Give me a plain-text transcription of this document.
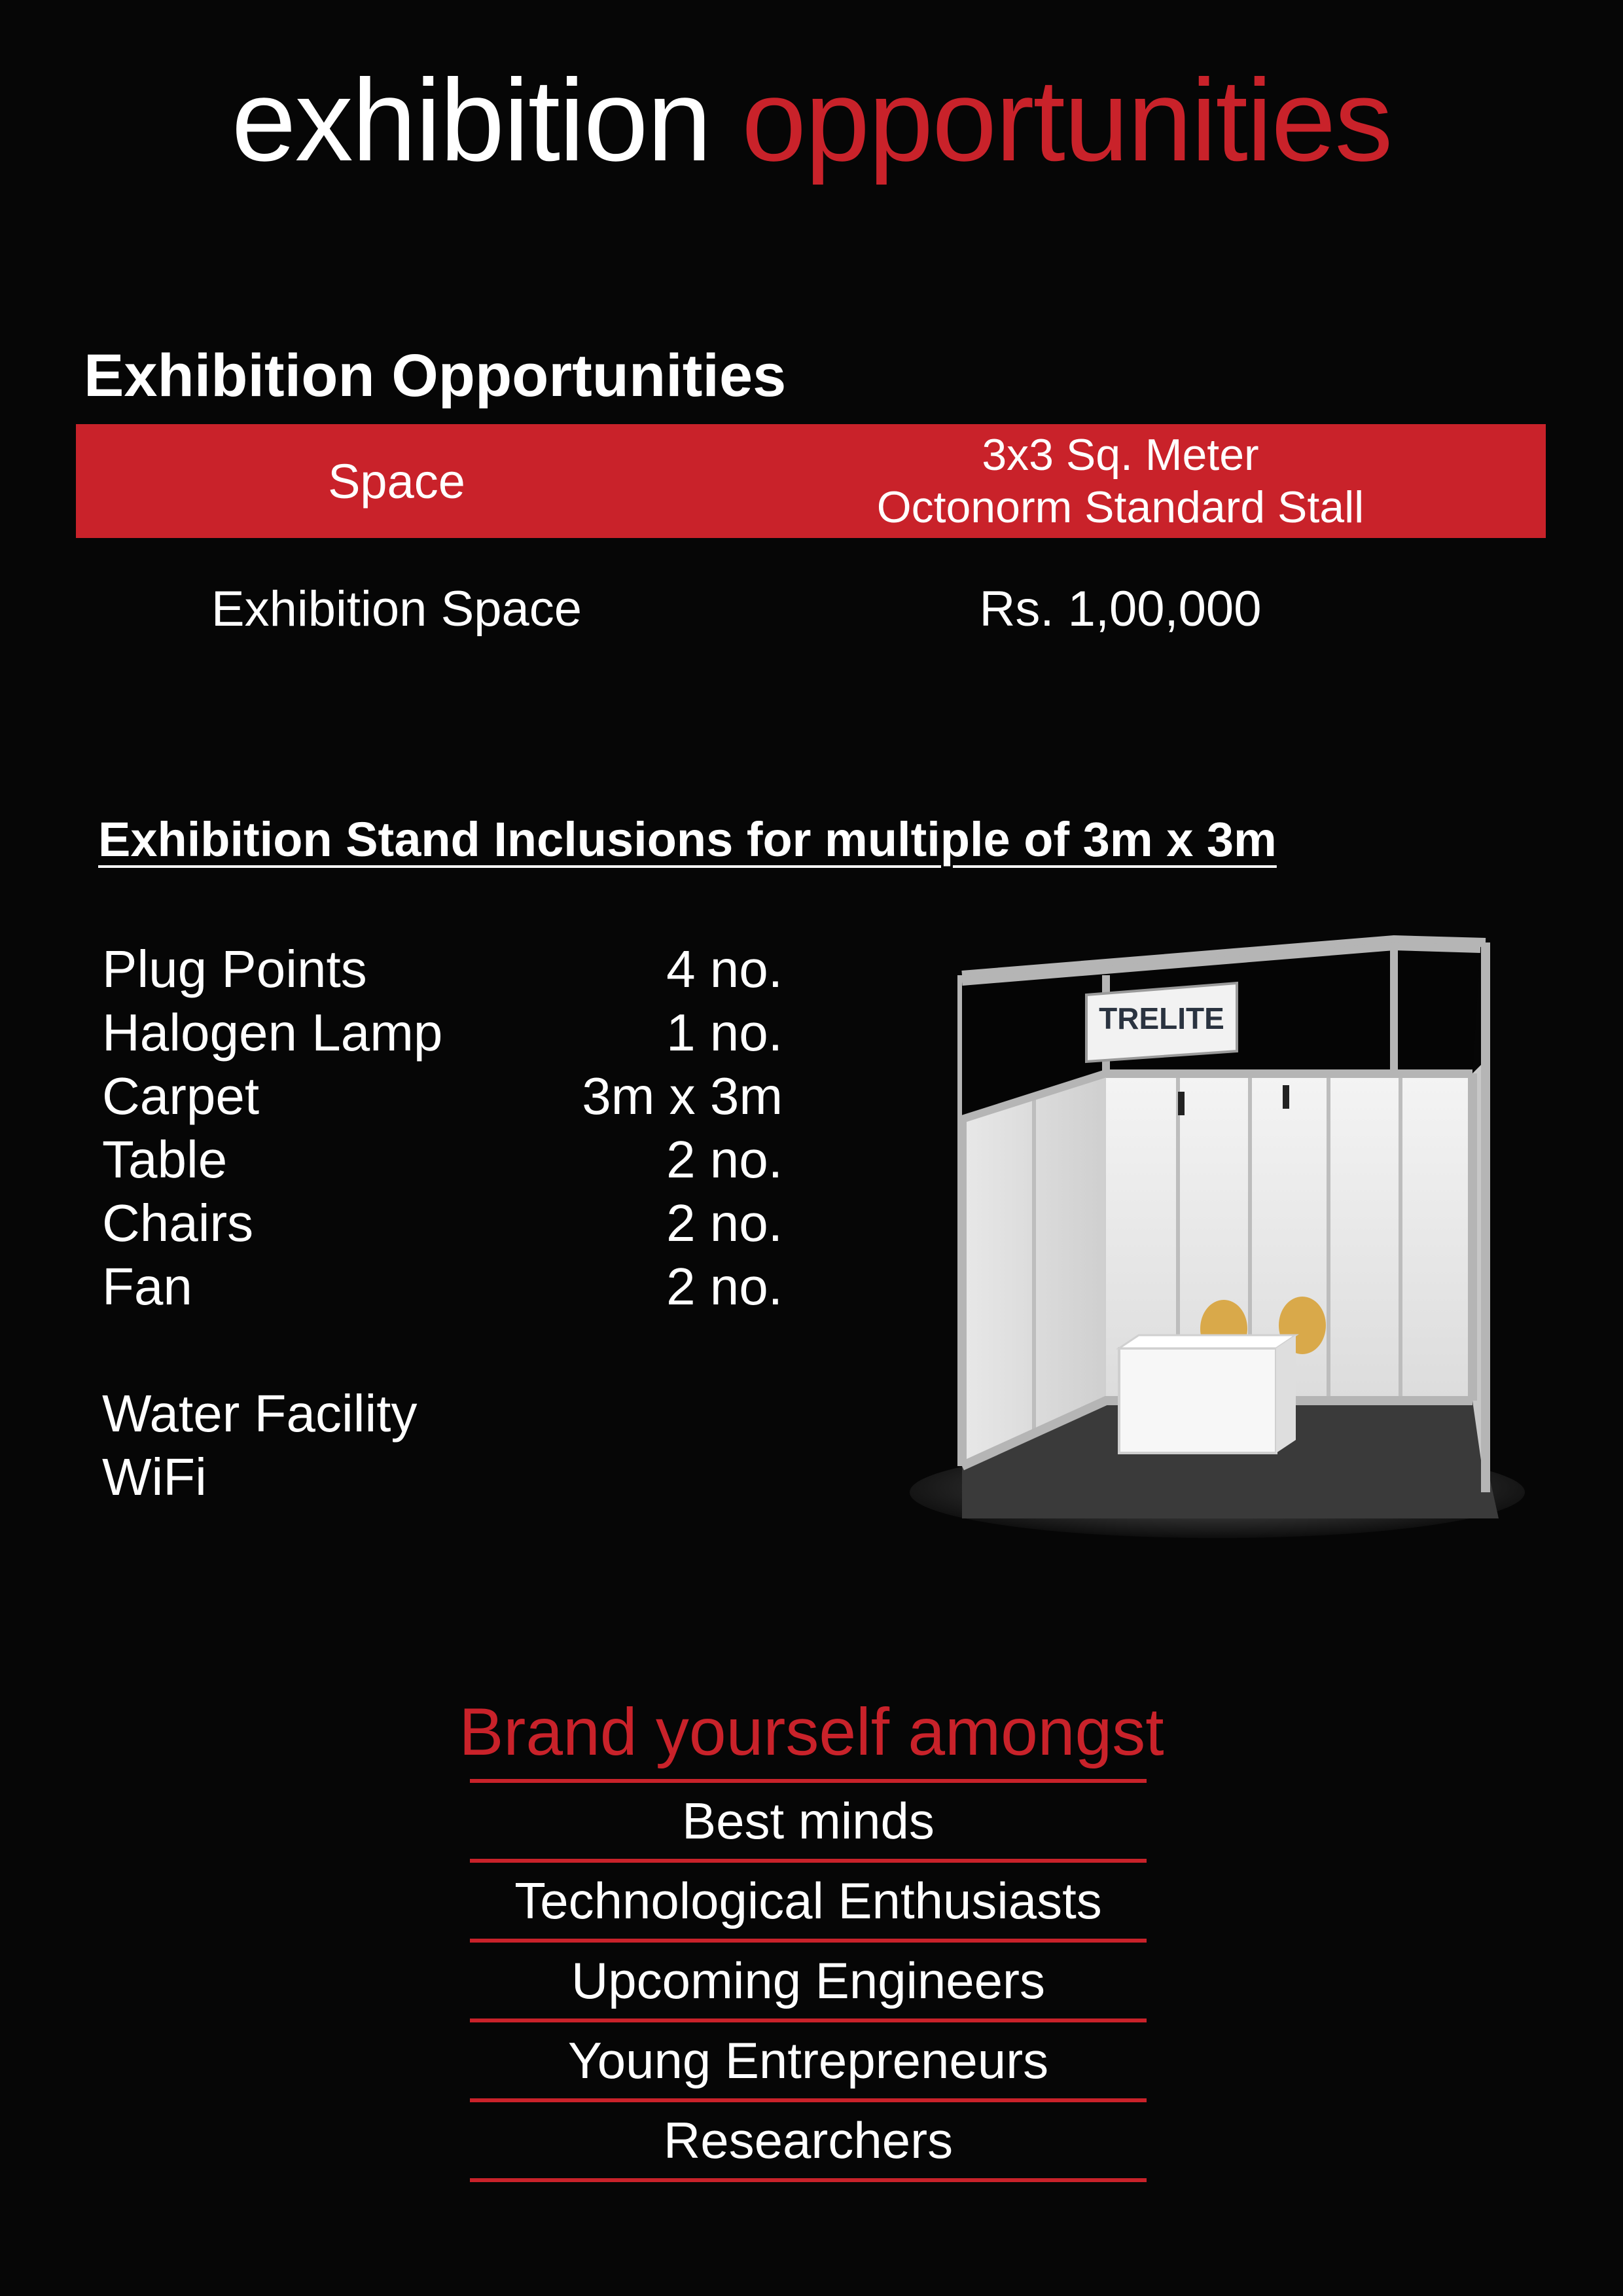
exhibition opportunities
Exhibition Opportunities
Space	3x3 Sq. Meter
Octonorm Standard Stall
Exhibition Space	Rs. 1,00,000
Exhibition Stand Inclusions for multiple of 3m x 3m
Plug Points	4 no.
Halogen Lamp	1 no.
Carpet	3m x 3m
Table	2 no.
Chairs	2 no.
Fan	2 no.
Water Facility
WiFi
TRELITE
Brand yourself amongst
Best minds
Technological Enthusiasts
Upcoming Engineers
Young Entrepreneurs
Researchers
